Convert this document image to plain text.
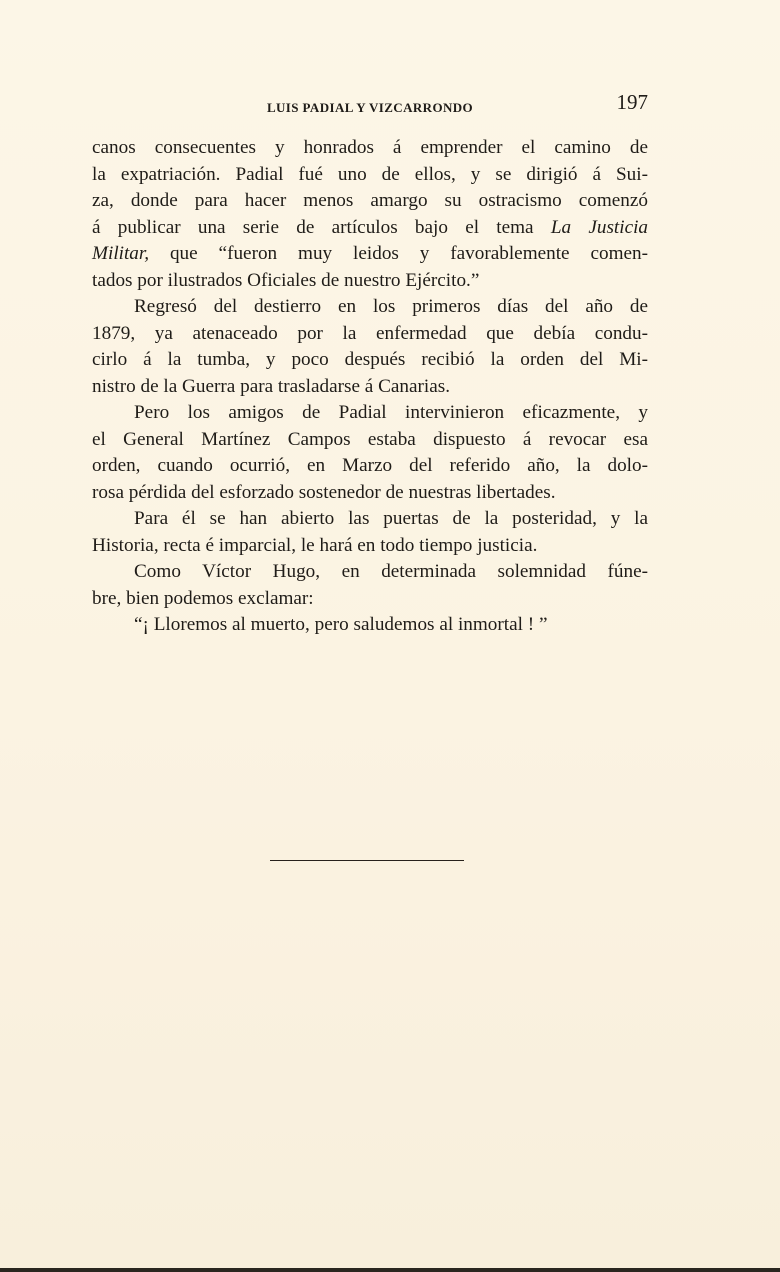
LUIS PADIAL Y VIZCARRONDO	197

canos consecuentes y honrados á emprender el camino de
la expatriación. Padial fué uno de ellos, y se dirigió á Sui-
za, donde para hacer menos amargo su ostracismo comenzó
á publicar una serie de artículos bajo el tema La Justicia
Militar, que “fueron muy leidos y favorablemente comen-
tados por ilustrados Oficiales de nuestro Ejército.”

Regresó del destierro en los primeros días del año de
1879, ya atenaceado por la enfermedad que debía condu-
cirlo á la tumba, y poco después recibió la orden del Mi-
nistro de la Guerra para trasladarse á Canarias.

Pero los amigos de Padial intervinieron eficazmente, y
el General Martínez Campos estaba dispuesto á revocar esa
orden, cuando ocurrió, en Marzo del referido año, la dolo-
rosa pérdida del esforzado sostenedor de nuestras libertades.

Para él se han abierto las puertas de la posteridad, y la
Historia, recta é imparcial, le hará en todo tiempo justicia.

Como Víctor Hugo, en determinada solemnidad fúne-
bre, bien podemos exclamar:

“¡ Lloremos al muerto, pero saludemos al inmortal ! ”
